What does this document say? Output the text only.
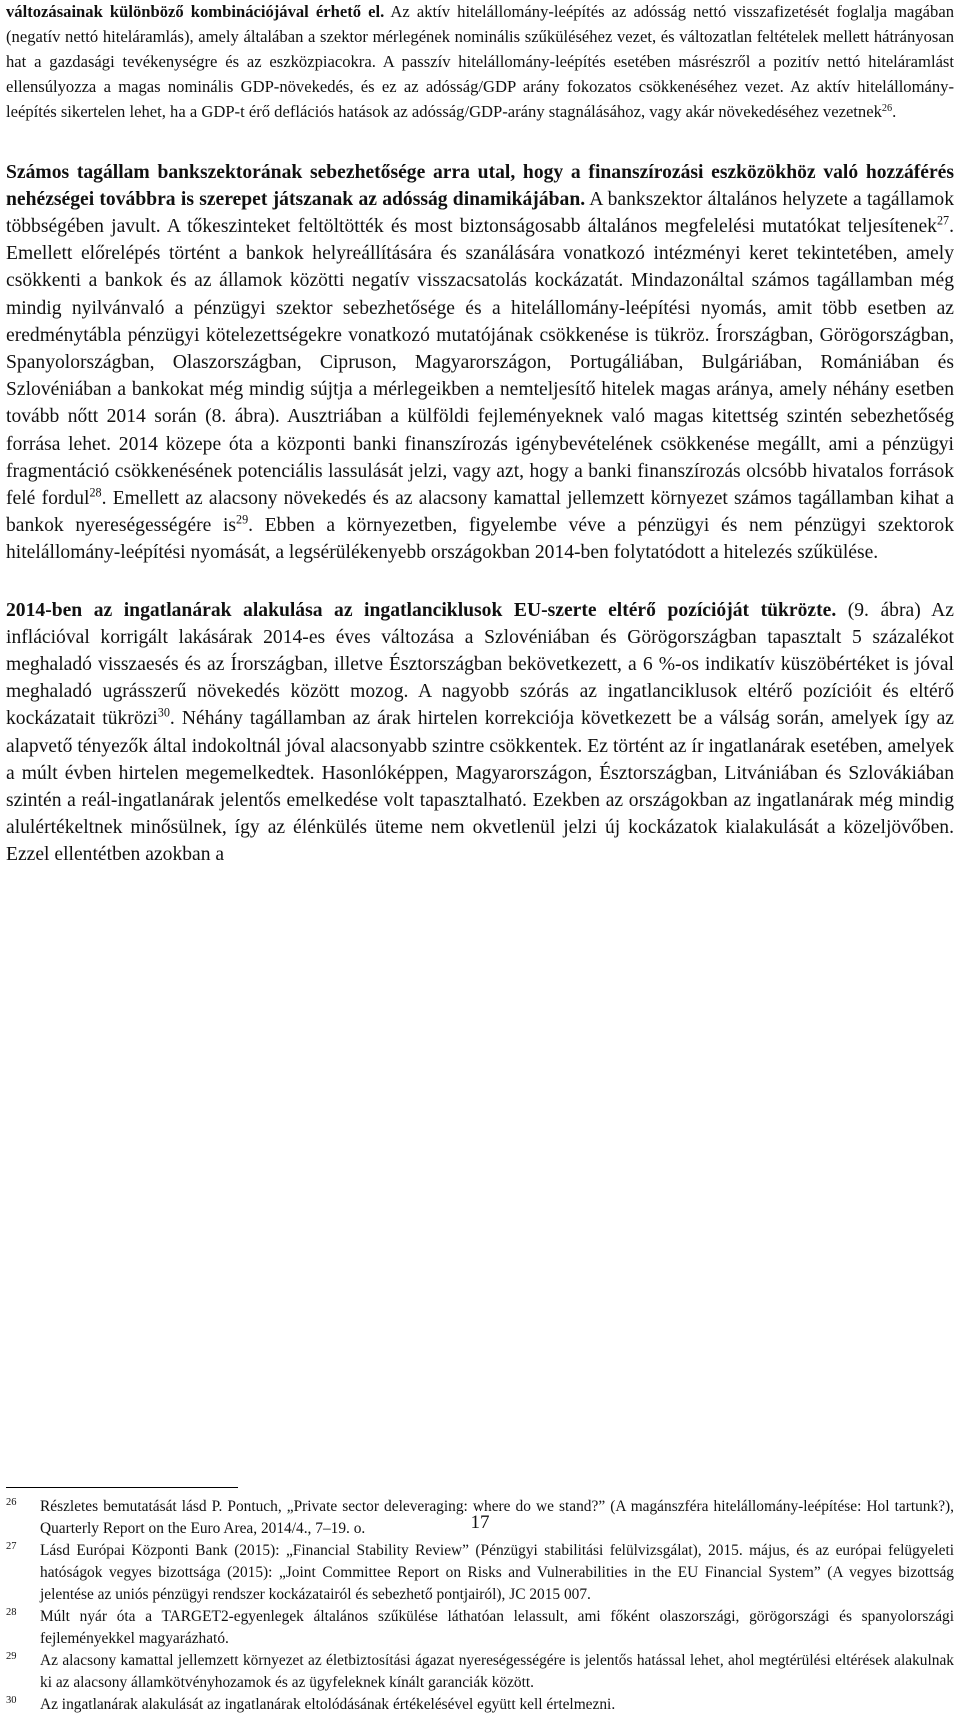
változásainak különböző kombinációjával érhető el. Az aktív hitelállomány-leépítés az adósság nettó visszafizetését foglalja magában (negatív nettó hiteláramlás), amely általában a szektor mérlegének nominális szűküléséhez vezet, és változatlan feltételek mellett hátrányosan hat a gazdasági tevékenységre és az eszközpiacokra. A passzív hitelállomány-leépítés esetében másrészről a pozitív nettó hiteláramlást ellensúlyozza a magas nominális GDP-növekedés, és ez az adósság/GDP arány fokozatos csökkenéséhez vezet. Az aktív hitelállomány-leépítés sikertelen lehet, ha a GDP-t érő deflációs hatások az adósság/GDP-arány stagnálásához, vagy akár növekedéséhez vezetnek$^{26}$.

Számos tagállam bankszektorának sebezhetősége arra utal, hogy a finanszírozási eszközökhöz való hozzáférés nehézségei továbbra is szerepet játszanak az adósság dinamikájában. A bankszektor általános helyzete a tagállamok többségében javult. A tőkeszinteket feltöltötték és most biztonságosabb általános megfelelési mutatókat teljesítenek$^{27}$. Emellett előrelépés történt a bankok helyreállítására és szanálására vonatkozó intézményi keret tekintetében, amely csökkenti a bankok és az államok közötti negatív visszacsatolás kockázatát. Mindazonáltal számos tagállamban még mindig nyilvánvaló a pénzügyi szektor sebezhetősége és a hitelállomány-leépítési nyomás, amit több esetben az eredménytábla pénzügyi kötelezettségekre vonatkozó mutatójának csökkenése is tükröz. Írországban, Görögországban, Spanyolországban, Olaszországban, Cipruson, Magyarországon, Portugáliában, Bulgáriában, Romániában és Szlovéniában a bankokat még mindig sújtja a mérlegeikben a nemteljesítő hitelek magas aránya, amely néhány esetben tovább nőtt 2014 során (8. ábra). Ausztriában a külföldi fejleményeknek való magas kitettség szintén sebezhetőség forrása lehet. 2014 közepe óta a központi banki finanszírozás igénybevételének csökkenése megállt, ami a pénzügyi fragmentáció csökkenésének potenciális lassulását jelzi, vagy azt, hogy a banki finanszírozás olcsóbb hivatalos források felé fordul$^{28}$. Emellett az alacsony növekedés és az alacsony kamattal jellemzett környezet számos tagállamban kihat a bankok nyereségességére $is^{29}$. Ebben a környezetben, figyelembe véve a pénzügyi és nem pénzügyi szektorok hitelállomány-leépítési nyomását, a legsérülékenyebb országokban 2014-ben folytatódott a hitelezés szűkülése.

2014-ben az ingatlanárak alakulása az ingatlanciklusok EU-szerte eltérő pozícióját tükrözte. (9. ábra) Az inflációval korrigált lakásárak 2014-es éves változása a Szlovéniában és Görögországban tapasztalt 5 százalékot meghaladó visszaesés és az Írországban, illetve Észtországban bekövetkezett, a 6 %-os indikatív küszöbértéket is jóval meghaladó ugrásszerű növekedés között mozog. A nagyobb szórás az ingatlanciklusok eltérő pozícióit és eltérő kockázatait tükrözi$^{30}$. Néhány tagállamban az árak hirtelen korrekciója következett be a válság során, amelyek így az alapvető tényezők által indokoltnál jóval alacsonyabb szintre csökkentek. Ez történt az ír ingatlanárak esetében, amelyek a múlt évben hirtelen megemelkedtek. Hasonlóképpen, Magyarországon, Észtországban, Litvániában és Szlovákiában szintén a reál-ingatlanárak jelentős emelkedése volt tapasztalható. Ezekben az országokban az ingatlanárak még mindig alulértékeltnek minősülnek, így az élénkülés üteme nem okvetlenül jelzi új kockázatok kialakulását a közeljövőben. Ezzel ellentétben azokban a

26	Részletes bemutatását lásd P. Pontuch, „Private sector deleveraging: where do we stand?” (A magánszféra hitelállomány-leépítése: Hol tartunk?), Quarterly Report on the Euro Area, 2014/4., 7–19. o.
27	Lásd Európai Központi Bank (2015): „Financial Stability Review” (Pénzügyi stabilitási felülvizsgálat), 2015. május, és az európai felügyeleti hatóságok vegyes bizottsága (2015): „Joint Committee Report on Risks and Vulnerabilities in the EU Financial System” (A vegyes bizottság jelentése az uniós pénzügyi rendszer kockázatairól és sebezhető pontjairól), JC 2015 007.
28	Múlt nyár óta a TARGET2-egyenlegek általános szűkülése láthatóan lelassult, ami főként olaszországi, görögországi és spanyolországi fejleményekkel magyarázható.
29	Az alacsony kamattal jellemzett környezet az életbiztosítási ágazat nyereségességére is jelentős hatással lehet, ahol megtérülési eltérések alakulnak ki az alacsony államkötvényhozamok és az ügyfeleknek kínált garanciák között.
30	Az ingatlanárak alakulását az ingatlanárak eltolódásának értékelésével együtt kell értelmezni.
17
